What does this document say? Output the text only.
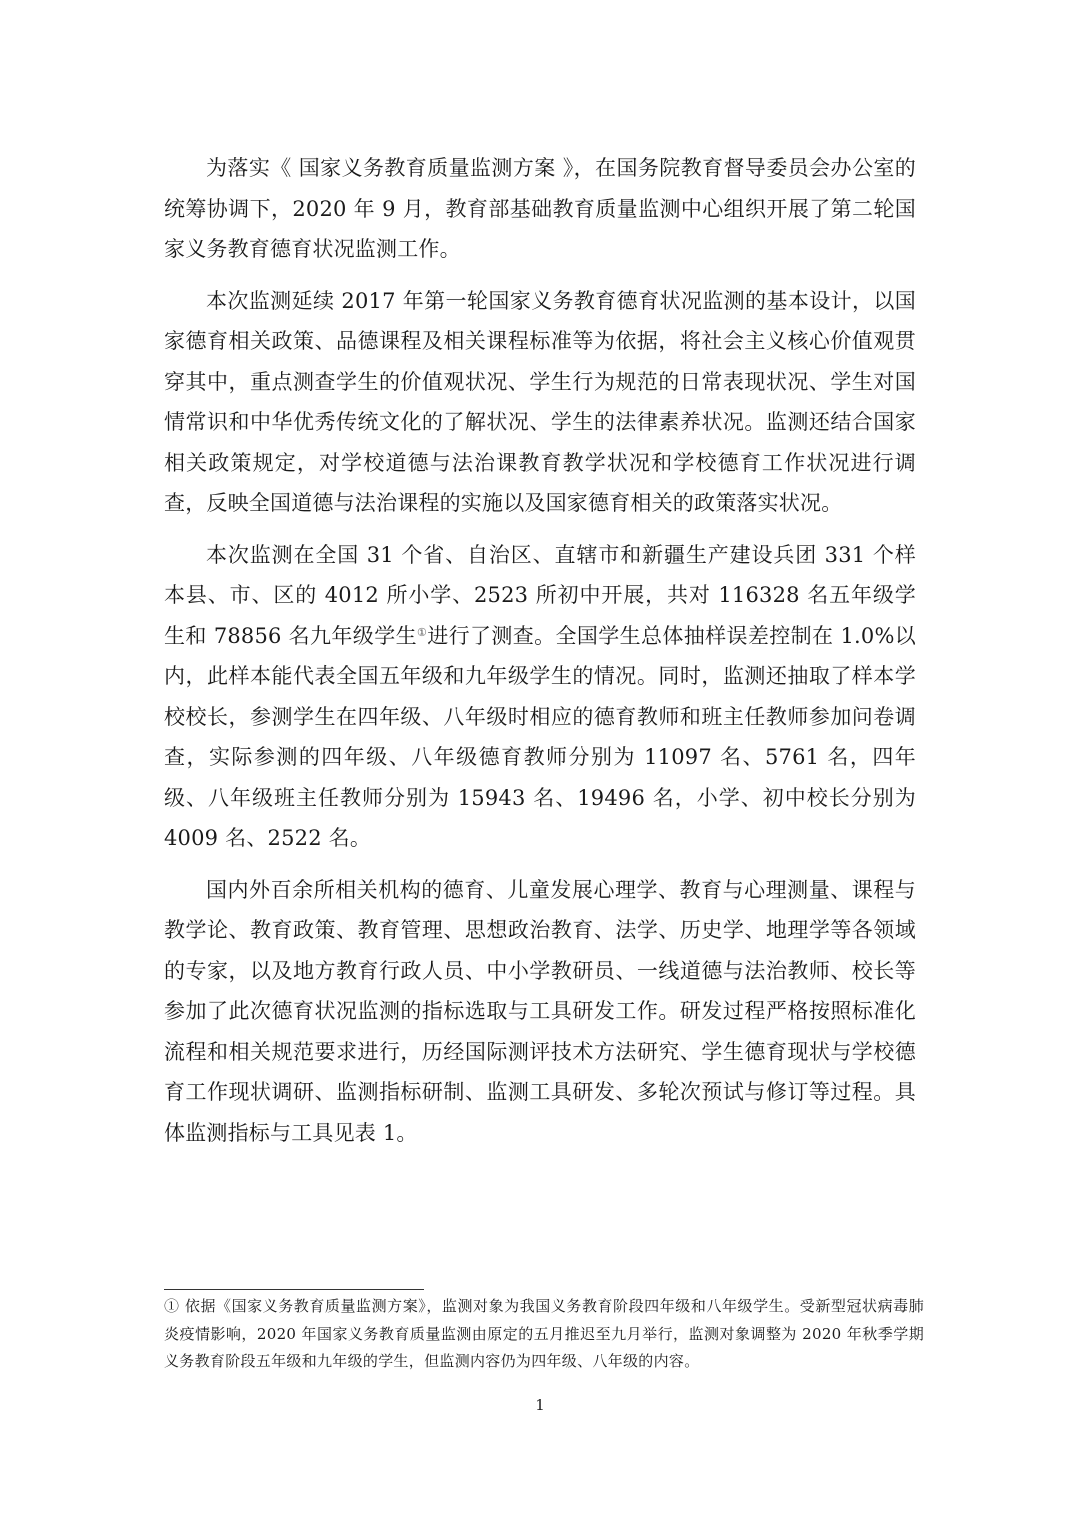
为落实《 国家义务教育质量监测方案 》，在国务院教育督导委员会办公室的统筹协调下，2020 年 9 月，教育部基础教育质量监测中心组织开展了第二轮国家义务教育德育状况监测工作。

本次监测延续 2017 年第一轮国家义务教育德育状况监测的基本设计，以国家德育相关政策、品德课程及相关课程标准等为依据，将社会主义核心价值观贯穿其中，重点测查学生的价值观状况、学生行为规范的日常表现状况、学生对国情常识和中华优秀传统文化的了解状况、学生的法律素养状况。监测还结合国家相关政策规定，对学校道德与法治课教育教学状况和学校德育工作状况进行调查，反映全国道德与法治课程的实施以及国家德育相关的政策落实状况。

本次监测在全国 31 个省、自治区、直辖市和新疆生产建设兵团 331 个样本县、市、区的 4012 所小学、2523 所初中开展，共对 116328 名五年级学生和 78856 名九年级学生①进行了测查。全国学生总体抽样误差控制在 1.0%以内，此样本能代表全国五年级和九年级学生的情况。同时，监测还抽取了样本学校校长，参测学生在四年级、八年级时相应的德育教师和班主任教师参加问卷调查，实际参测的四年级、八年级德育教师分别为 11097 名、5761 名，四年级、八年级班主任教师分别为 15943 名、19496 名，小学、初中校长分别为 4009 名、2522 名。

国内外百余所相关机构的德育、儿童发展心理学、教育与心理测量、课程与教学论、教育政策、教育管理、思想政治教育、法学、历史学、地理学等各领域的专家，以及地方教育行政人员、中小学教研员、一线道德与法治教师、校长等参加了此次德育状况监测的指标选取与工具研发工作。研发过程严格按照标准化流程和相关规范要求进行，历经国际测评技术方法研究、学生德育现状与学校德育工作现状调研、监测指标研制、监测工具研发、多轮次预试与修订等过程。具体监测指标与工具见表 1。

① 依据《国家义务教育质量监测方案》，监测对象为我国义务教育阶段四年级和八年级学生。受新型冠状病毒肺炎疫情影响，2020 年国家义务教育质量监测由原定的五月推迟至九月举行，监测对象调整为 2020 年秋季学期义务教育阶段五年级和九年级的学生，但监测内容仍为四年级、八年级的内容。

1
